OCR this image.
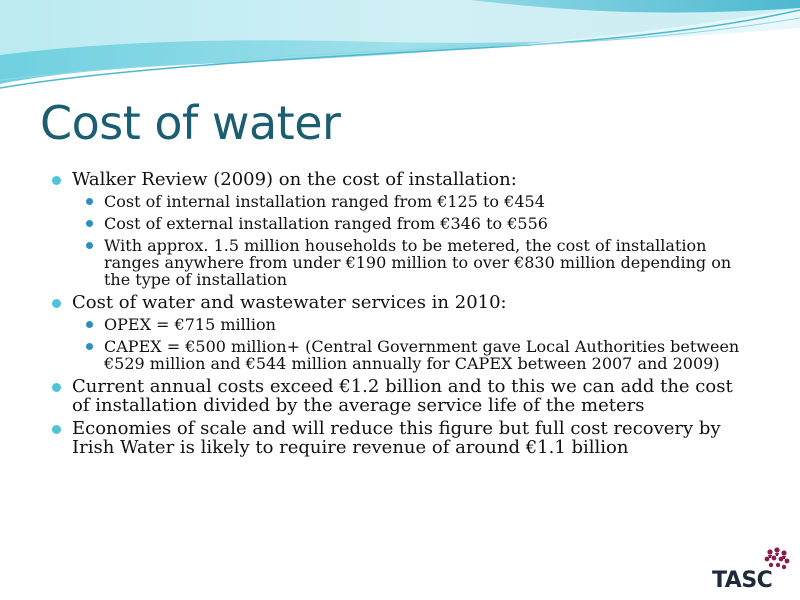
Cost of water
Walker Review (2009) on the cost of installation:
Cost of internal installation ranged from €125 to €454
Cost of external installation ranged from €346 to €556
With approx. 1.5 million households to be metered, the cost of installation ranges anywhere from under €190 million to over €830 million depending on the type of installation
Cost of water and wastewater services in 2010:
OPEX = €715 million
CAPEX = €500 million+ (Central Government gave Local Authorities between €529 million and €544 million annually for CAPEX between 2007 and 2009)
Current annual costs exceed €1.2 billion and to this we can add the cost of installation divided by the average service life of the meters
Economies of scale and will reduce this figure but full cost recovery by Irish Water is likely to require revenue of around €1.1 billion
TASC
